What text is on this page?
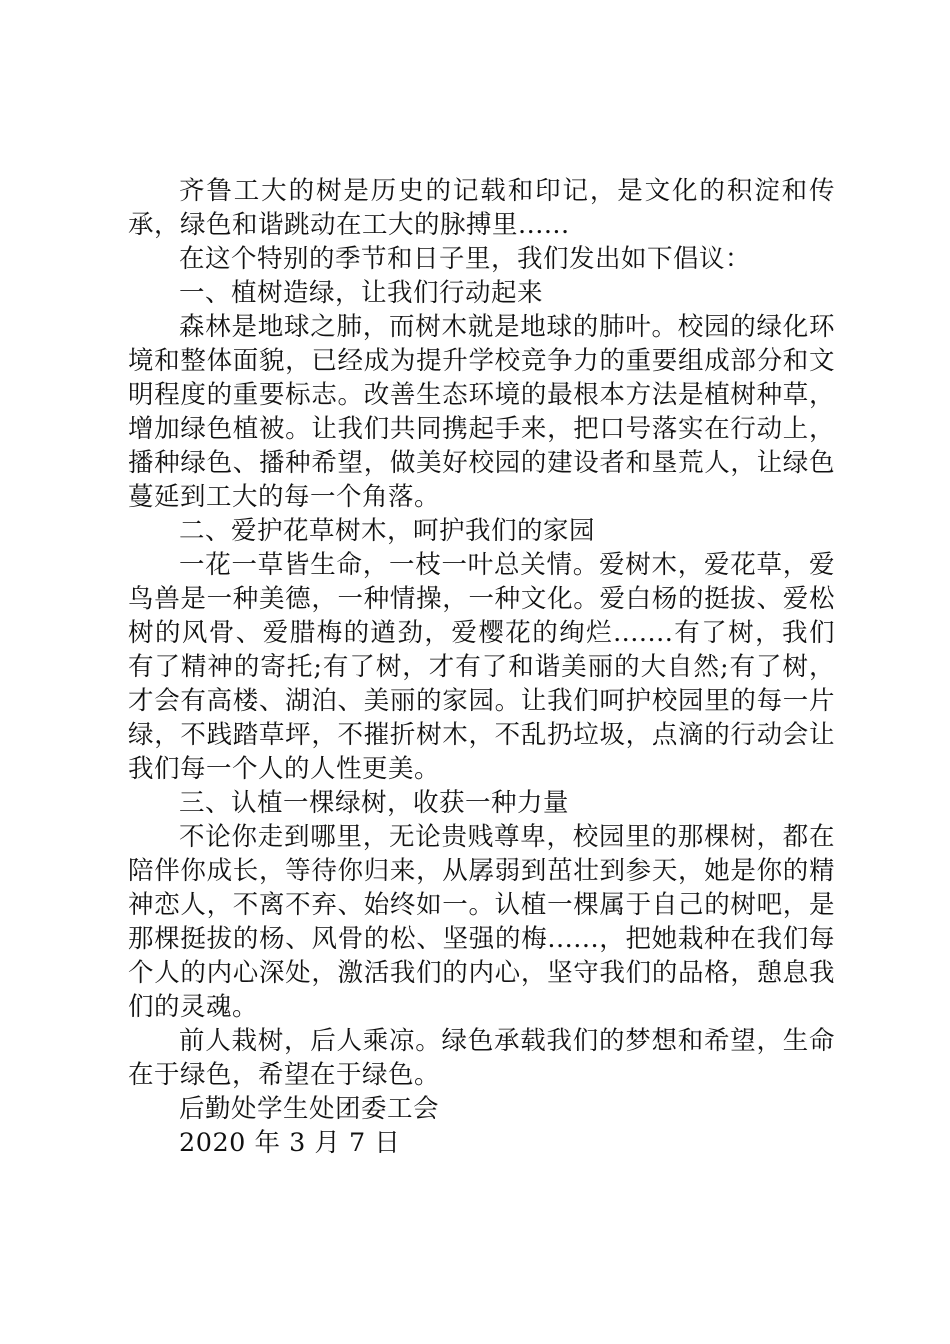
齐鲁工大的树是历史的记载和印记，是文化的积淀和传承，绿色和谐跳动在工大的脉搏里......

在这个特别的季节和日子里，我们发出如下倡议：

一、植树造绿，让我们行动起来

森林是地球之肺，而树木就是地球的肺叶。校园的绿化环境和整体面貌，已经成为提升学校竞争力的重要组成部分和文明程度的重要标志。改善生态环境的最根本方法是植树种草，增加绿色植被。让我们共同携起手来，把口号落实在行动上，播种绿色、播种希望，做美好校园的建设者和垦荒人，让绿色蔓延到工大的每一个角落。

二、爱护花草树木，呵护我们的家园

一花一草皆生命，一枝一叶总关情。爱树木，爱花草，爱鸟兽是一种美德，一种情操，一种文化。爱白杨的挺拔、爱松树的风骨、爱腊梅的遒劲，爱樱花的绚烂.......有了树，我们有了精神的寄托;有了树，才有了和谐美丽的大自然;有了树，才会有高楼、湖泊、美丽的家园。让我们呵护校园里的每一片绿，不践踏草坪，不摧折树木，不乱扔垃圾，点滴的行动会让我们每一个人的人性更美。

三、认植一棵绿树，收获一种力量

不论你走到哪里，无论贵贱尊卑，校园里的那棵树，都在陪伴你成长，等待你归来，从孱弱到茁壮到参天，她是你的精神恋人，不离不弃、始终如一。认植一棵属于自己的树吧，是那棵挺拔的杨、风骨的松、坚强的梅......，把她栽种在我们每个人的内心深处，激活我们的内心，坚守我们的品格，憩息我们的灵魂。

前人栽树，后人乘凉。绿色承载我们的梦想和希望，生命在于绿色，希望在于绿色。

后勤处学生处团委工会

2020 年 3 月 7 日
